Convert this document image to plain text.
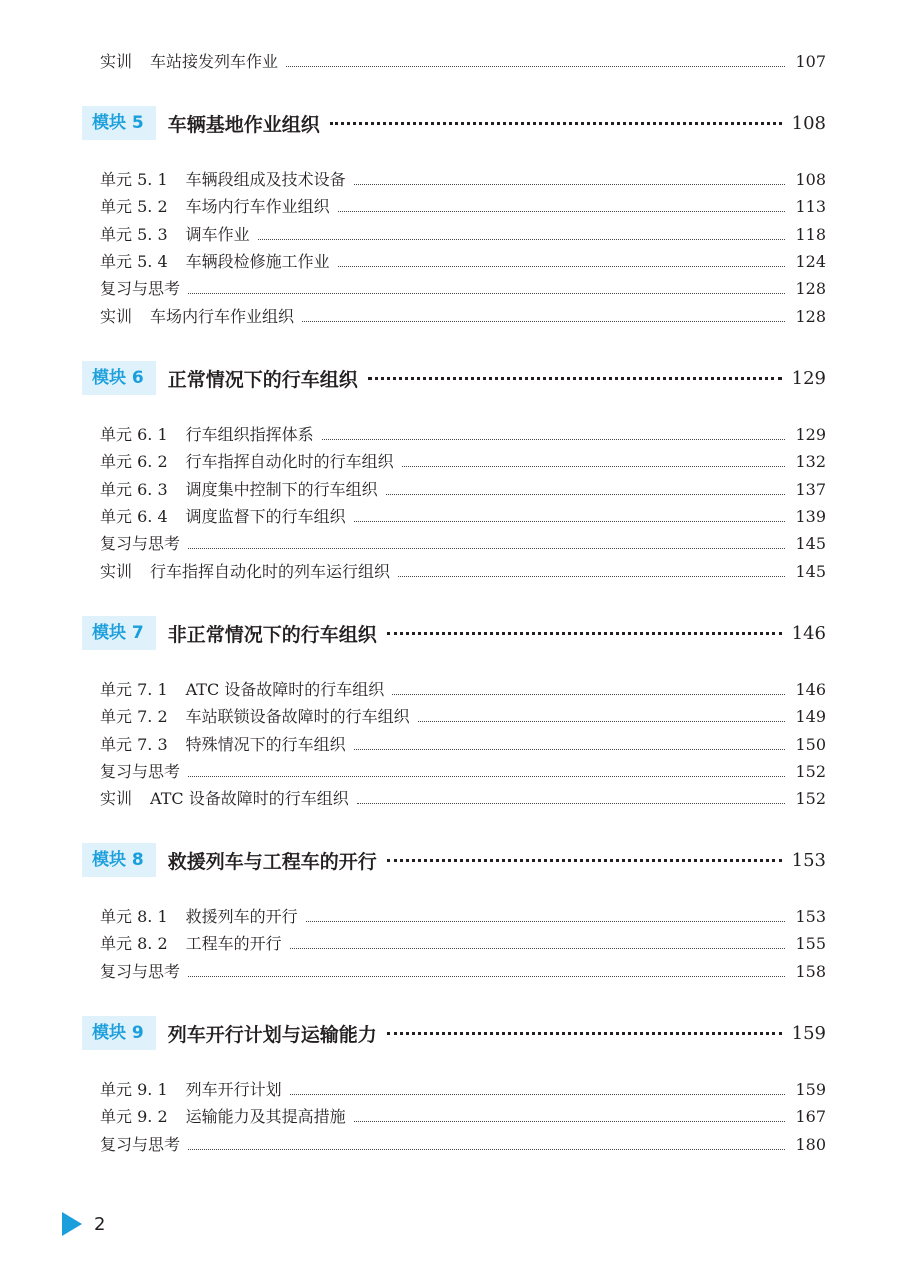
实训 车站接发列车作业	107
模块 5	车辆基地作业组织	108
单元 5. 1 车辆段组成及技术设备	108
单元 5. 2 车场内行车作业组织	113
单元 5. 3 调车作业	118
单元 5. 4 车辆段检修施工作业	124
复习与思考	128
实训 车场内行车作业组织	128
模块 6	正常情况下的行车组织	129
单元 6. 1 行车组织指挥体系	129
单元 6. 2 行车指挥自动化时的行车组织	132
单元 6. 3 调度集中控制下的行车组织	137
单元 6. 4 调度监督下的行车组织	139
复习与思考	145
实训 行车指挥自动化时的列车运行组织	145
模块 7	非正常情况下的行车组织	146
单元 7. 1 ATC 设备故障时的行车组织	146
单元 7. 2 车站联锁设备故障时的行车组织	149
单元 7. 3 特殊情况下的行车组织	150
复习与思考	152
实训 ATC 设备故障时的行车组织	152
模块 8	救援列车与工程车的开行	153
单元 8. 1 救援列车的开行	153
单元 8. 2 工程车的开行	155
复习与思考	158
模块 9	列车开行计划与运输能力	159
单元 9. 1 列车开行计划	159
单元 9. 2 运输能力及其提高措施	167
复习与思考	180
2
